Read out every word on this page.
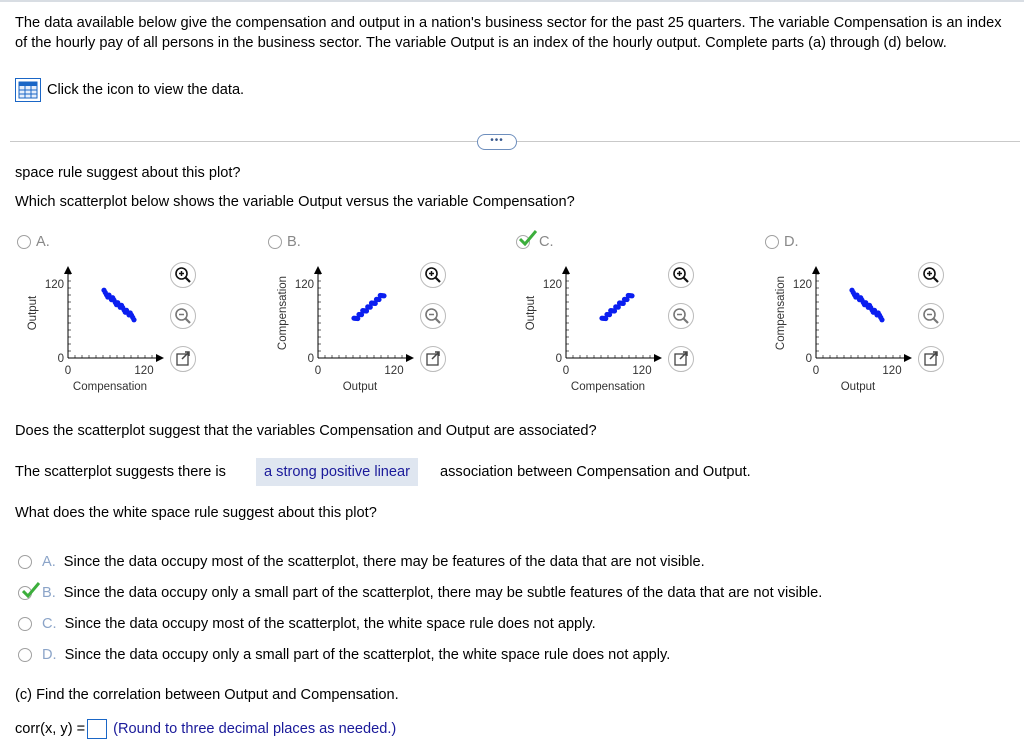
The data available below give the compensation and output in a nation's business sector for the past 25 quarters. The variable Compensation is an index of the hourly pay of all persons in the business sector. The variable Output is an index of the hourly output. Complete parts (a) through (d) below.
Click the icon to view the data.
•••
space rule suggest about this plot?
Which scatterplot below shows the variable Output versus the variable Compensation?
A.	B.	C.	D.
120
0
0	120
Compensation
Output
120
0
0	120
Output
Compensation	120
0
0	120
Compensation
Output
120
0
0	120
Output
Compensation
Does the scatterplot suggest that the variables Compensation and Output are associated?
The scatterplot suggests there is	a strong positive linear	association between Compensation and Output.
What does the white space rule suggest about this plot?
A. Since the data occupy most of the scatterplot, there may be features of the data that are not visible.
B. Since the data occupy only a small part of the scatterplot, there may be subtle features of the data that are not visible.
C. Since the data occupy most of the scatterplot, the white space rule does not apply.
D. Since the data occupy only a small part of the scatterplot, the white space rule does not apply.
(c) Find the correlation between Output and Compensation.
corr(x, y) = (Round to three decimal places as needed.)
